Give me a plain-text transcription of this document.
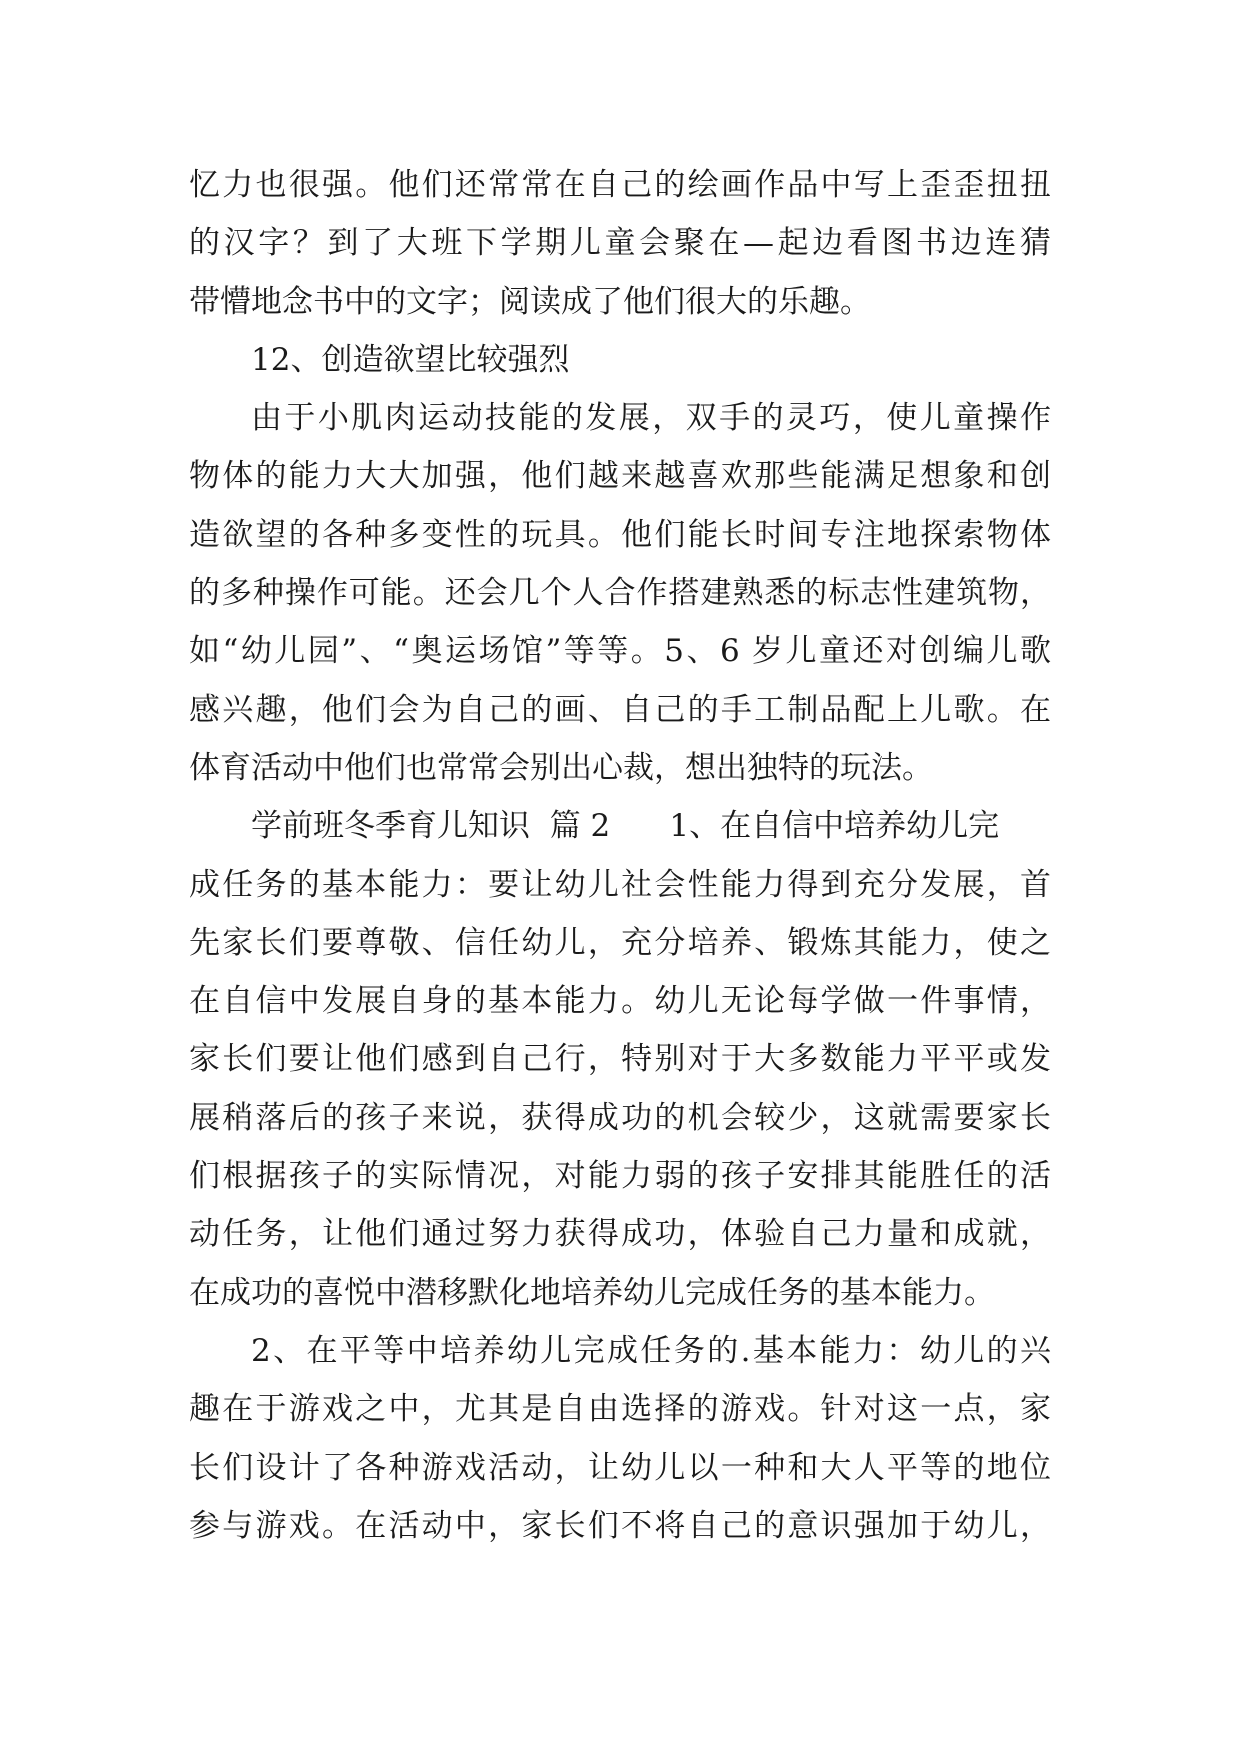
忆力也很强。他们还常常在自己的绘画作品中写上歪歪扭扭
的汉字？到了大班下学期儿童会聚在—起边看图书边连猜
带懵地念书中的文字；阅读成了他们很大的乐趣。
12、创造欲望比较强烈
由于小肌肉运动技能的发展，双手的灵巧，使儿童操作
物体的能力大大加强，他们越来越喜欢那些能满足想象和创
造欲望的各种多变性的玩具。他们能长时间专注地探索物体
的多种操作可能。还会几个人合作搭建熟悉的标志性建筑物，
如“幼儿园”、“奥运场馆”等等。5、6 岁儿童还对创编儿歌
感兴趣，他们会为自己的画、自己的手工制品配上儿歌。在
体育活动中他们也常常会别出心裁，想出独特的玩法。
学前班冬季育儿知识  篇 2      1、在自信中培养幼儿完
成任务的基本能力：要让幼儿社会性能力得到充分发展，首
先家长们要尊敬、信任幼儿，充分培养、锻炼其能力，使之
在自信中发展自身的基本能力。幼儿无论每学做一件事情，
家长们要让他们感到自己行，特别对于大多数能力平平或发
展稍落后的孩子来说，获得成功的机会较少，这就需要家长
们根据孩子的实际情况，对能力弱的孩子安排其能胜任的活
动任务，让他们通过努力获得成功，体验自己力量和成就，
在成功的喜悦中潜移默化地培养幼儿完成任务的基本能力。
2、在平等中培养幼儿完成任务的.基本能力：幼儿的兴
趣在于游戏之中，尤其是自由选择的游戏。针对这一点，家
长们设计了各种游戏活动，让幼儿以一种和大人平等的地位
参与游戏。在活动中，家长们不将自己的意识强加于幼儿，
